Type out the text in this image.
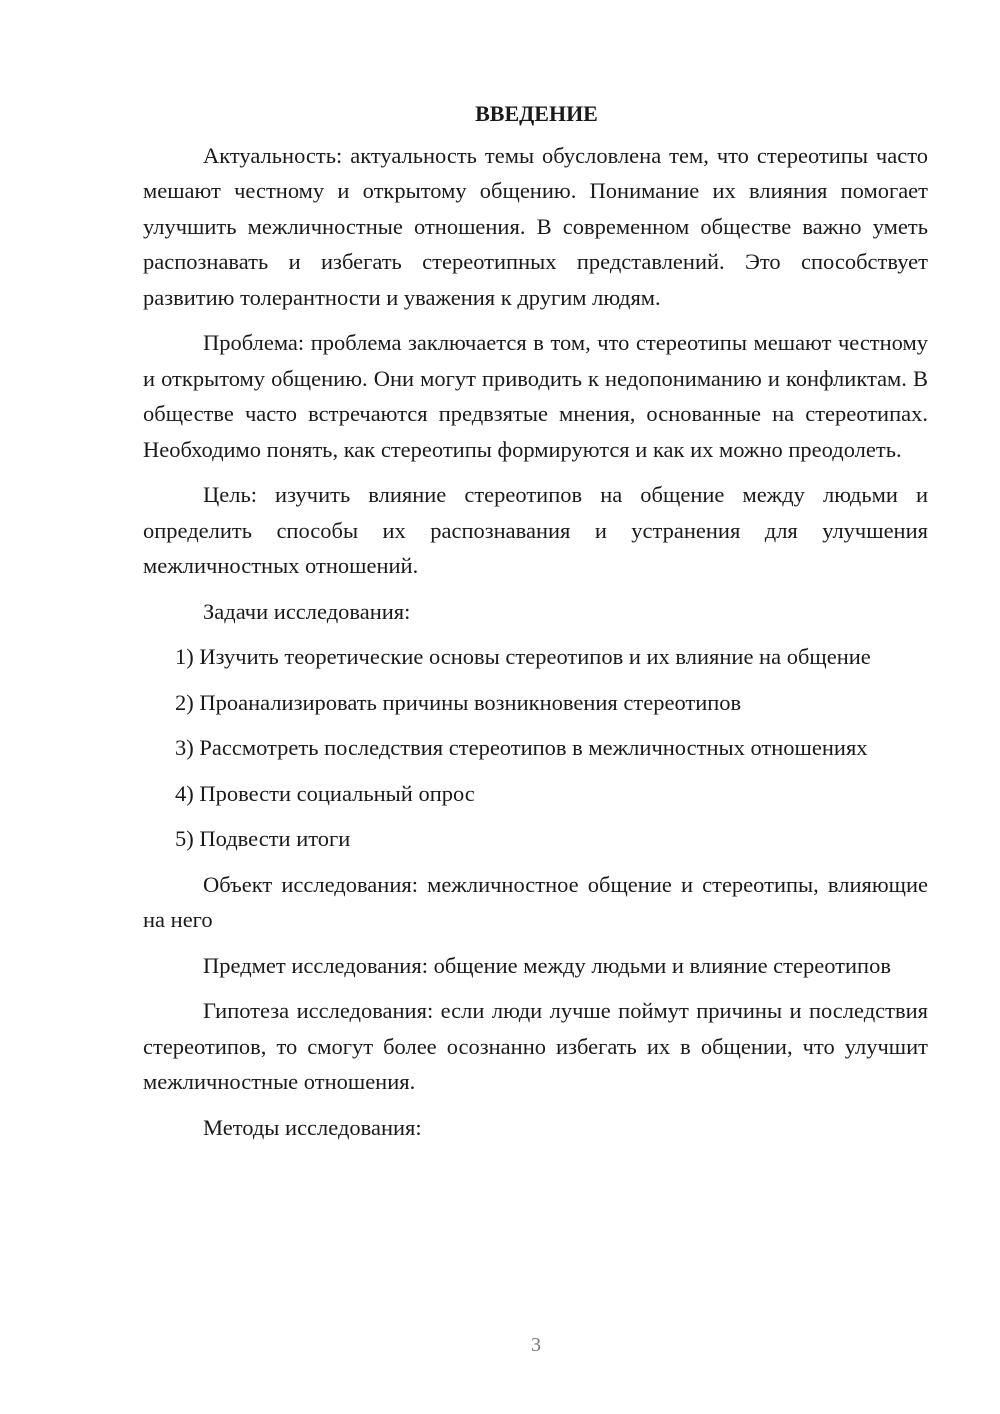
ВВЕДЕНИЕ

Актуальность: актуальность темы обусловлена тем, что стереотипы часто мешают честному и открытому общению. Понимание их влияния помогает улучшить межличностные отношения. В современном обществе важно уметь распознавать и избегать стереотипных представлений. Это способствует развитию толерантности и уважения к другим людям.

Проблема: проблема заключается в том, что стереотипы мешают честному и открытому общению. Они могут приводить к недопониманию и конфликтам. В обществе часто встречаются предвзятые мнения, основанные на стереотипах. Необходимо понять, как стереотипы формируются и как их можно преодолеть.

Цель: изучить влияние стереотипов на общение между людьми и определить способы их распознавания и устранения для улучшения межличностных отношений.

Задачи исследования:

1) Изучить теоретические основы стереотипов и их влияние на общение

2) Проанализировать причины возникновения стереотипов

3) Рассмотреть последствия стереотипов в межличностных отношениях

4) Провести социальный опрос

5) Подвести итоги

Объект исследования: межличностное общение и стереотипы, влияющие на него

Предмет исследования: общение между людьми и влияние стереотипов

Гипотеза исследования: если люди лучше поймут причины и последствия стереотипов, то смогут более осознанно избегать их в общении, что улучшит межличностные отношения.

Методы исследования:

3
